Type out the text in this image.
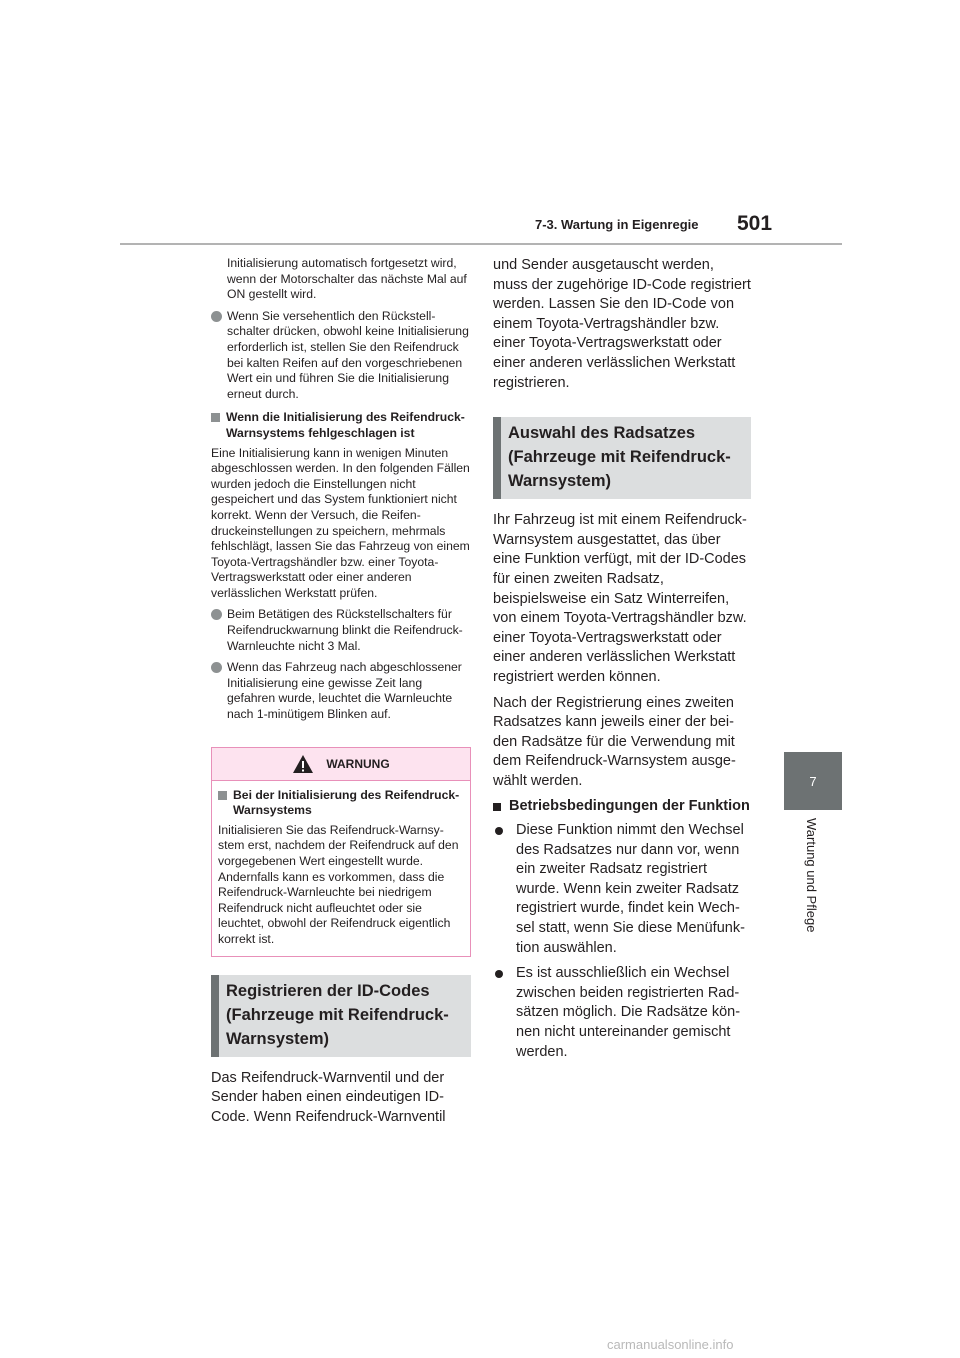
7-3. Wartung in Eigenregie 501
7
Wartung und Pflege

Initialisierung automatisch fortgesetzt wird, wenn der Motorschalter das nächste Mal auf ON gestellt wird.

Wenn Sie versehentlich den Rückstellschalter drücken, obwohl keine Initialisierung erforderlich ist, stellen Sie den Reifendruck bei kalten Reifen auf den vorgeschriebenen Wert ein und führen Sie die Initialisierung erneut durch.
Wenn die Initialisierung des Reifendruck-Warnsystems fehlgeschlagen ist

Eine Initialisierung kann in wenigen Minuten abgeschlossen werden. In den folgenden Fällen wurden jedoch die Einstellungen nicht gespeichert und das System funktioniert nicht korrekt. Wenn der Versuch, die Reifendruckeinstellungen zu speichern, mehrmals fehlschlägt, lassen Sie das Fahrzeug von einem Toyota-Vertragshändler bzw. einer Toyota-Vertragswerkstatt oder einer anderen verlässlichen Werkstatt prüfen.

Beim Betätigen des Rückstellschalters für Reifendruckwarnung blinkt die Reifendruck-Warnleuchte nicht 3 Mal.
Wenn das Fahrzeug nach abgeschlossener Initialisierung eine gewisse Zeit lang gefahren wurde, leuchtet die Warnleuchte nach 1-minütigem Blinken auf.
WARNUNG
Bei der Initialisierung des Reifendruck-Warnsystems

Initialisieren Sie das Reifendruck-Warnsystem erst, nachdem der Reifendruck auf den vorgegebenen Wert eingestellt wurde. Andernfalls kann es vorkommen, dass die Reifendruck-Warnleuchte bei niedrigem Reifendruck nicht aufleuchtet oder sie leuchtet, obwohl der Reifendruck eigentlich korrekt ist.

Registrieren der ID-Codes (Fahrzeuge mit Reifendruck-Warnsystem)

Das Reifendruck-Warnventil und der Sender haben einen eindeutigen ID-Code. Wenn Reifendruck-Warnventil

und Sender ausgetauscht werden, muss der zugehörige ID-Code registriert werden. Lassen Sie den ID-Code von einem Toyota-Vertragshändler bzw. einer Toyota-Vertragswerkstatt oder einer anderen verlässlichen Werkstatt registrieren.

Auswahl des Radsatzes (Fahrzeuge mit Reifendruck-Warnsystem)

Ihr Fahrzeug ist mit einem Reifendruck-Warnsystem ausgestattet, das über eine Funktion verfügt, mit der ID-Codes für einen zweiten Radsatz, beispielsweise ein Satz Winterreifen, von einem Toyota-Vertragshändler bzw. einer Toyota-Vertragswerkstatt oder einer anderen verlässlichen Werkstatt registriert werden können.

Nach der Registrierung eines zweiten Radsatzes kann jeweils einer der beiden Radsätze für die Verwendung mit dem Reifendruck-Warnsystem ausgewählt werden.

Betriebsbedingungen der Funktion
Diese Funktion nimmt den Wechsel des Radsatzes nur dann vor, wenn ein zweiter Radsatz registriert wurde. Wenn kein zweiter Radsatz registriert wurde, findet kein Wechsel statt, wenn Sie diese Menüfunktion auswählen.
Es ist ausschließlich ein Wechsel zwischen beiden registrierten Radsätzen möglich. Die Radsätze können nicht untereinander gemischt werden.
carmanualsonline.info
